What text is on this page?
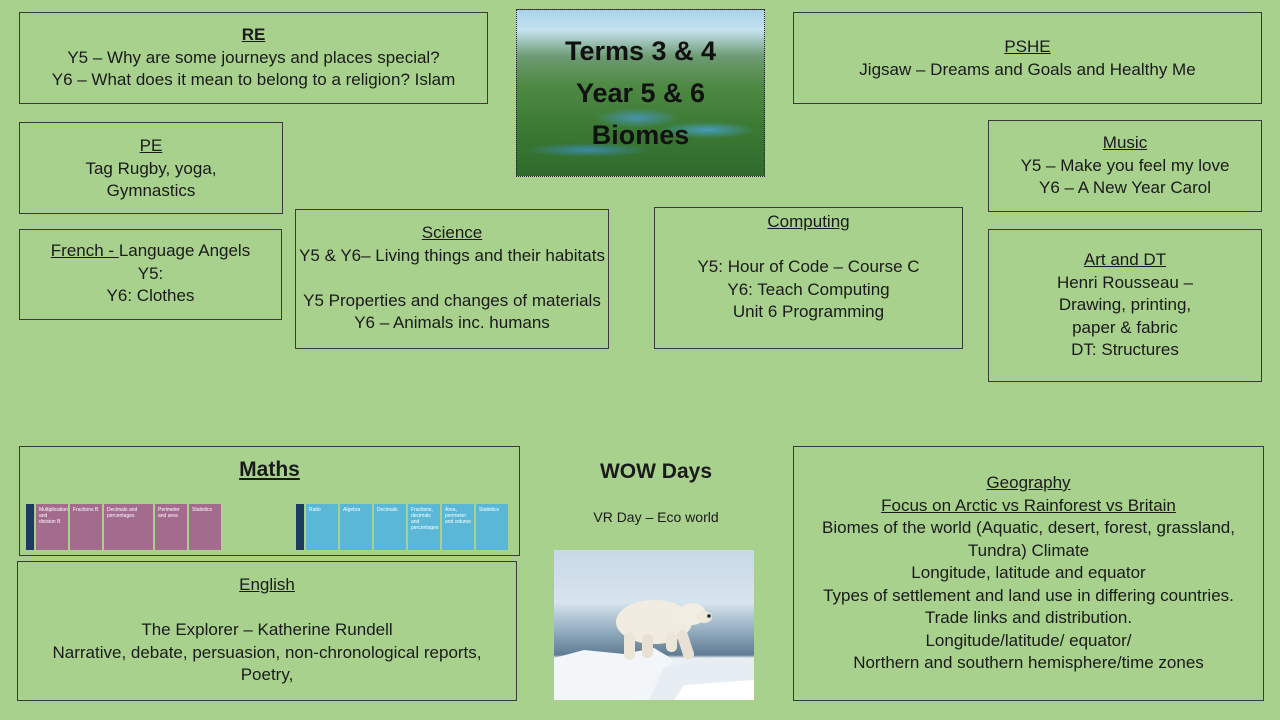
Terms 3 & 4
Year 5 & 6
Biomes
RE
Y5 – Why are some journeys and places special?
Y6 – What does it mean to belong to a religion? Islam
PE
Tag Rugby, yoga,
Gymnastics
French - Language Angels
Y5:
Y6: Clothes
Science
Y5 & Y6– Living things and their habitats
Y5 Properties and changes of materials
Y6 – Animals inc. humans
Computing
Y5: Hour of Code – Course C
Y6: Teach Computing
Unit 6 Programming
PSHE
Jigsaw – Dreams and Goals and Healthy Me
Music
Y5 – Make you feel my love
Y6 – A New Year Carol
Art and DT
Henri Rousseau –
Drawing, printing,
paper & fabric
DT: Structures
Maths
Multiplication and division B
Fractions B	Decimals and percentages
Perimeter and area
Statistics	Ratio	Algebra	Decimals	Fractions, decimals and percentages
Area, perimeter and volume
Statistics
English
The Explorer – Katherine Rundell
Narrative, debate, persuasion, non-chronological reports,
Poetry,
WOW Days
VR Day – Eco world
Geography
Focus on Arctic vs Rainforest vs Britain
Biomes of the world (Aquatic, desert, forest, grassland,
Tundra) Climate
Longitude, latitude and equator
Types of settlement and land use in differing countries.
Trade links and distribution.
Longitude/latitude/ equator/
Northern and southern hemisphere/time zones
